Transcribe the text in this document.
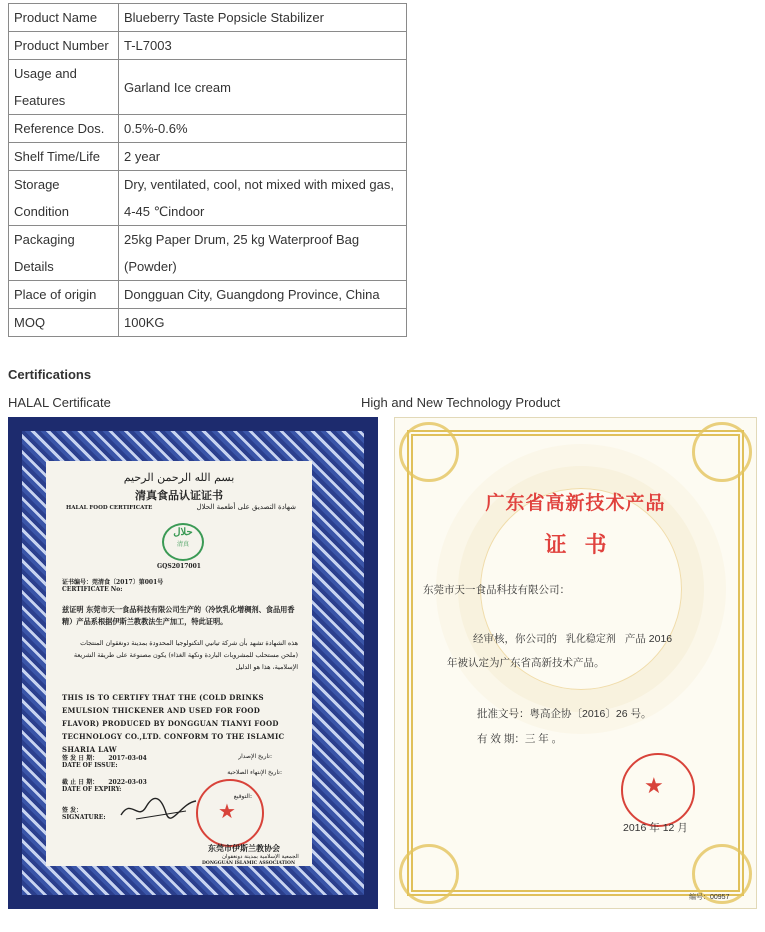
Product Name	Blueberry Taste Popsicle Stabilizer
Product Number	T-L7003
Usage and Features	Garland Ice cream
Reference Dos.	0.5%-0.6%
Shelf Time/Life	2 year
Storage Condition	Dry, ventilated, cool, not mixed with mixed gas, 4-45 ℃indoor
Packaging Details	25kg Paper Drum, 25 kg Waterproof Bag (Powder)
Place of origin	Dongguan City, Guangdong Province, China
MOQ	100KG
Certifications
HALAL Certificate	High and New Technology Product
بسم الله الرحمن الرحيم
清真食品认证证书
HALAL FOOD CERTIFICATE	شهادة التصديق على أطعمة الحلال
حلال
清真
GQS2017001
证书编号：莞清食〔2017〕第001号
CERTIFICATE No:
兹证明 东莞市天一食品科技有限公司生产的（冷饮乳化增稠剂、食品用香精）产品系根据伊斯兰教教法生产加工，特此证明。
هذه الشهادة تشهد بأن شركة تيانيي التكنولوجيا المحدودة بمدينة دونغقوان المنتجات (ملحن مستحلب للمشروبات الباردة ونكهة الغذاء) يكون مصنوعة على طريقة الشريعة الإسلامية، هذا هو الدليل
THIS IS TO CERTIFY THAT THE (COLD DRINKS EMULSION THICKENER AND USED FOR FOOD FLAVOR) PRODUCED BY DONGGUAN TIANYI FOOD TECHNOLOGY CO.,LTD. CONFORM TO THE ISLAMIC SHARIA LAW
签 发 日 期： 2017-03-04
DATE OF ISSUE:
تاريخ الإصدار:
截 止 日 期： 2022-03-03
DATE OF EXPIRY:
تاريخ الإنتهاء الصلاحية:
التوقيع:
签 发：
SIGNATURE:	★
东莞市伊斯兰教协会
الجمعية الإسلامية بمدينة دونغقوان
DONGGUAN ISLAMIC ASSOCIATION
广东省高新技术产品
证书
东莞市天一食品科技有限公司：
经审核，你公司的 乳化稳定剂 产品 2016
年被认定为广东省高新技术产品。
批准文号：粤高企协〔2016〕26 号。
有 效 期：三 年 。
★
2016 年 12 月
编号：00957
